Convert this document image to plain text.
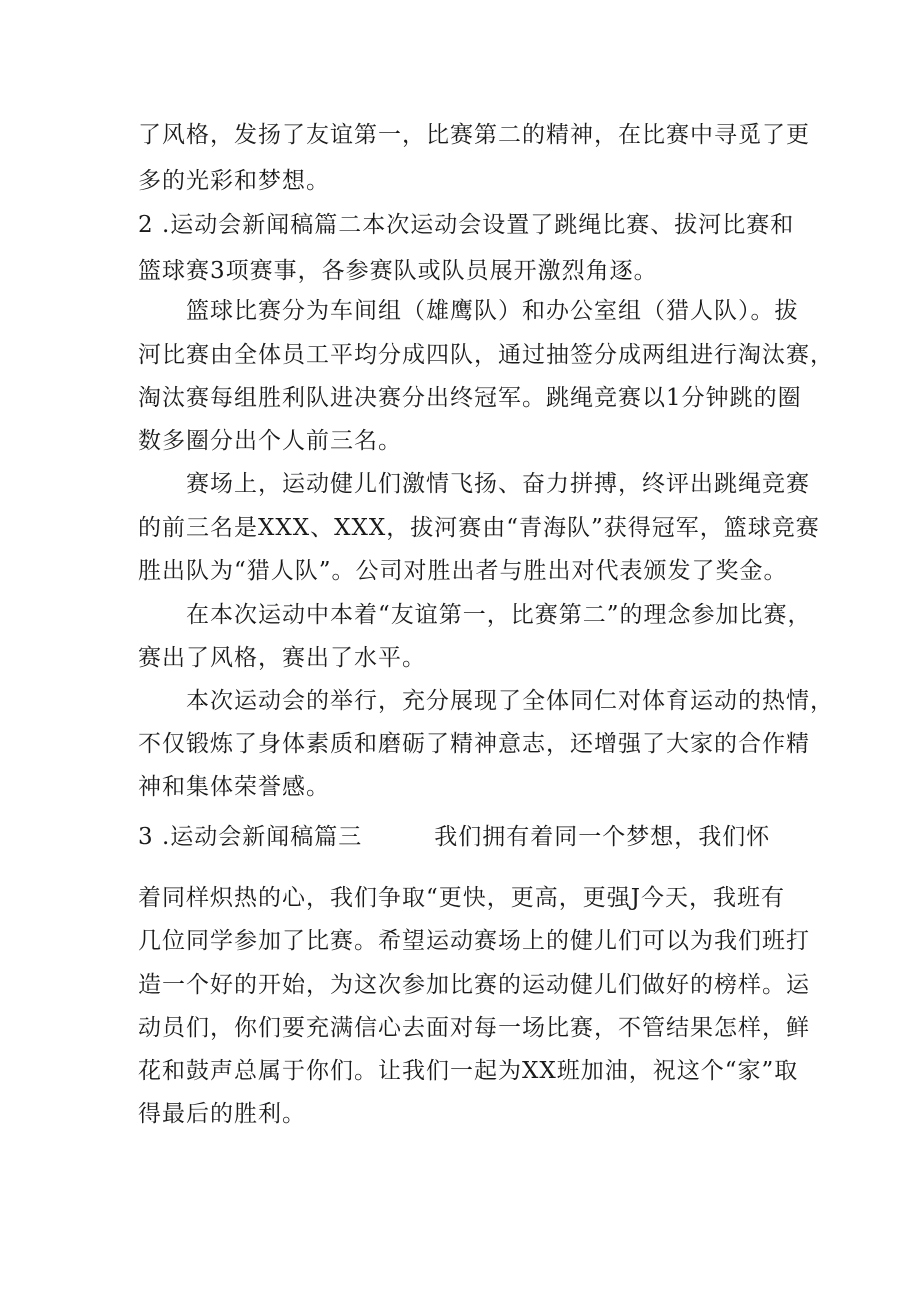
了风格，发扬了友谊第一，比赛第二的精神，在比赛中寻觅了更
多的光彩和梦想。
2 .运动会新闻稿篇二本次运动会设置了跳绳比赛、拔河比赛和
篮球赛3项赛事，各参赛队或队员展开激烈角逐。
篮球比赛分为车间组（雄鹰队）和办公室组（猎人队）。拔
河比赛由全体员工平均分成四队，通过抽签分成两组进行淘汰赛，
淘汰赛每组胜利队进决赛分出终冠军。跳绳竞赛以1分钟跳的圈
数多圈分出个人前三名。
赛场上，运动健儿们激情飞扬、奋力拼搏，终评出跳绳竞赛
的前三名是XXX、XXX，拔河赛由“青海队”获得冠军，篮球竞赛
胜出队为“猎人队”。公司对胜出者与胜出对代表颁发了奖金。
在本次运动中本着“友谊第一，比赛第二”的理念参加比赛，
赛出了风格，赛出了水平。
本次运动会的举行，充分展现了全体同仁对体育运动的热情，
不仅锻炼了身体素质和磨砺了精神意志，还增强了大家的合作精
神和集体荣誉感。
3 .运动会新闻稿篇三　　　我们拥有着同一个梦想，我们怀
着同样炽热的心，我们争取“更快，更高，更强J今天，我班有
几位同学参加了比赛。希望运动赛场上的健儿们可以为我们班打
造一个好的开始，为这次参加比赛的运动健儿们做好的榜样。运
动员们，你们要充满信心去面对每一场比赛，不管结果怎样，鲜
花和鼓声总属于你们。让我们一起为XX班加油，祝这个“家”取
得最后的胜利。
